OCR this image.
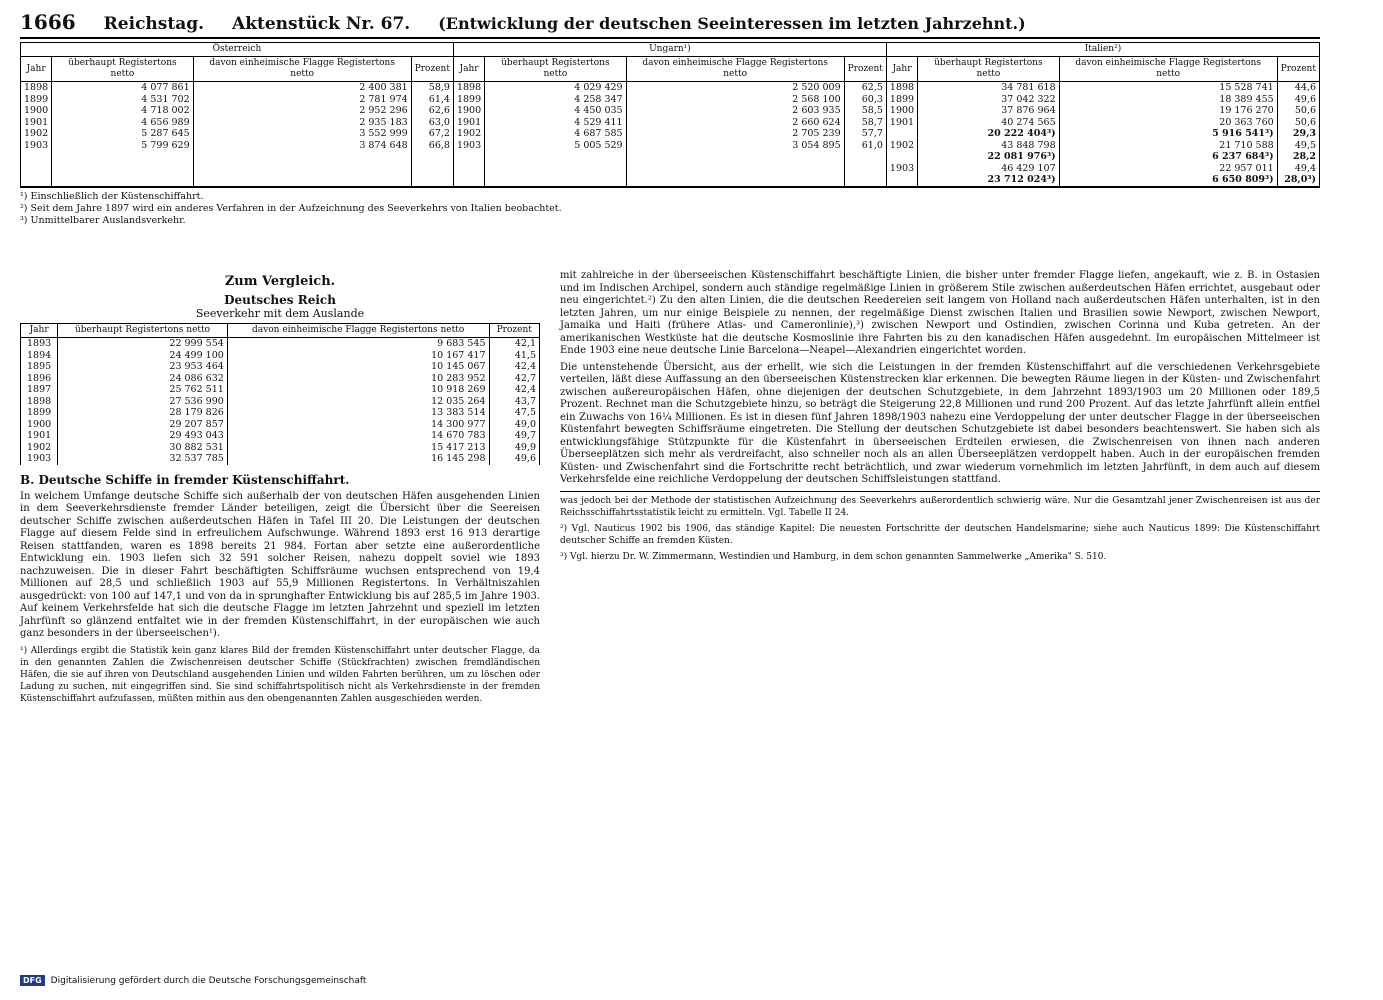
1666 Reichstag. Aktenstück Nr. 67. (Entwicklung der deutschen Seeinteressen im letzten Jahrzehnt.)
Österreich				Ungarn¹)				Italien²)			
Jahr	überhaupt Registertons netto	davon einheimische Flagge Registertons netto	Prozent	Jahr	überhaupt Registertons netto	davon einheimische Flagge Registertons netto	Prozent	Jahr	überhaupt Registertons netto	davon einheimische Flagge Registertons netto	Prozent
1898	4 077 861	2 400 381	58,9	1898	4 029 429	2 520 009	62,5	1898	34 781 618	15 528 741	44,6
1899	4 531 702	2 781 974	61,4	1899	4 258 347	2 568 100	60,3	1899	37 042 322	18 389 455	49,6
1900	4 718 002	2 952 296	62,6	1900	4 450 035	2 603 935	58,5	1900	37 876 964	19 176 270	50,6
1901	4 656 989	2 935 183	63,0	1901	4 529 411	2 660 624	58,7	1901	40 274 565	20 363 760	50,6
1902	5 287 645	3 552 999	67,2	1902	4 687 585	2 705 239	57,7		20 222 404³)	5 916 541³)	29,3
1903	5 799 629	3 874 648	66,8	1903	5 005 529	3 054 895	61,0	1902	43 848 798	21 710 588	49,5
									22 081 976³)	6 237 684³)	28,2
								1903	46 429 107	22 957 011	49,4
									23 712 024³)	6 650 809³)	28,0³)
¹) Einschließlich der Küstenschiffahrt.
²) Seit dem Jahre 1897 wird ein anderes Verfahren in der Aufzeichnung des Seeverkehrs von Italien beobachtet.
³) Unmittelbarer Auslandsverkehr.
Zum Vergleich.
Deutsches Reich
Seeverkehr mit dem Auslande
Jahr	überhaupt Registertons netto	davon einheimische Flagge Registertons netto	Prozent
1893	22 999 554	9 683 545	42,1
1894	24 499 100	10 167 417	41,5
1895	23 953 464	10 145 067	42,4
1896	24 086 632	10 283 952	42,7
1897	25 762 511	10 918 269	42,4
1898	27 536 990	12 035 264	43,7
1899	28 179 826	13 383 514	47,5
1900	29 207 857	14 300 977	49,0
1901	29 493 043	14 670 783	49,7
1902	30 882 531	15 417 213	49,9
1903	32 537 785	16 145 298	49,6
B. Deutsche Schiffe in fremder Küstenschiffahrt.

In welchem Umfange deutsche Schiffe sich außerhalb der von deutschen Häfen ausgehenden Linien in dem Seeverkehrsdienste fremder Länder beteiligen, zeigt die Übersicht über die Seereisen deutscher Schiffe zwischen außerdeutschen Häfen in Tafel III 20. Die Leistungen der deutschen Flagge auf diesem Felde sind in erfreulichem Aufschwunge. Während 1893 erst 16 913 derartige Reisen stattfanden, waren es 1898 bereits 21 984. Fortan aber setzte eine außerordentliche Entwicklung ein. 1903 liefen sich 32 591 solcher Reisen, nahezu doppelt soviel wie 1893 nachzuweisen. Die in dieser Fahrt beschäftigten Schiffsräume wuchsen entsprechend von 19,4 Millionen auf 28,5 und schließlich 1903 auf 55,9 Millionen Registertons. In Verhältniszahlen ausgedrückt: von 100 auf 147,1 und von da in sprunghafter Entwicklung bis auf 285,5 im Jahre 1903. Auf keinem Verkehrsfelde hat sich die deutsche Flagge im letzten Jahrzehnt und speziell im letzten Jahrfünft so glänzend entfaltet wie in der fremden Küstenschiffahrt, in der europäischen wie auch ganz besonders in der überseeischen¹).

¹) Allerdings ergibt die Statistik kein ganz klares Bild der fremden Küstenschiffahrt unter deutscher Flagge, da in den genannten Zahlen die Zwischenreisen deutscher Schiffe (Stückfrachten) zwischen fremdländischen Häfen, die sie auf ihren von Deutschland ausgehenden Linien und wilden Fahrten berühren, um zu löschen oder Ladung zu suchen, mit eingegriffen sind. Sie sind schiffahrtspolitisch nicht als Verkehrsdienste in der fremden Küstenschiffahrt aufzufassen, müßten mithin aus den obengenannten Zahlen ausgeschieden werden.

mit zahlreiche in der überseeischen Küstenschiffahrt beschäftigte Linien, die bisher unter fremder Flagge liefen, angekauft, wie z. B. in Ostasien und im Indischen Archipel, sondern auch ständige regelmäßige Linien in größerem Stile zwischen außerdeutschen Häfen errichtet, ausgebaut oder neu eingerichtet.²) Zu den alten Linien, die die deutschen Reedereien seit langem von Holland nach außerdeutschen Häfen unterhalten, ist in den letzten Jahren, um nur einige Beispiele zu nennen, der regelmäßige Dienst zwischen Italien und Brasilien sowie Newport, zwischen Newport, Jamaika und Haiti (frühere Atlas- und Cameronlinie),³) zwischen Newport und Ostindien, zwischen Corinna und Kuba getreten. An der amerikanischen Westküste hat die deutsche Kosmoslinie ihre Fahrten bis zu den kanadischen Häfen ausgedehnt. Im europäischen Mittelmeer ist Ende 1903 eine neue deutsche Linie Barcelona—Neapel—Alexandrien eingerichtet worden.

Die untenstehende Übersicht, aus der erhellt, wie sich die Leistungen in der fremden Küstenschiffahrt auf die verschiedenen Verkehrsgebiete verteilen, läßt diese Auffassung an den überseeischen Küstenstrecken klar erkennen. Die bewegten Räume liegen in der Küsten- und Zwischenfahrt zwischen außereuropäischen Häfen, ohne diejenigen der deutschen Schutzgebiete, in dem Jahrzehnt 1893/1903 um 20 Millionen oder 189,5 Prozent. Rechnet man die Schutzgebiete hinzu, so beträgt die Steigerung 22,8 Millionen und rund 200 Prozent. Auf das letzte Jahrfünft allein entfiel ein Zuwachs von 16¼ Millionen. Es ist in diesen fünf Jahren 1898/1903 nahezu eine Verdoppelung der unter deutscher Flagge in der überseeischen Küstenfahrt bewegten Schiffsräume eingetreten. Die Stellung der deutschen Schutzgebiete ist dabei besonders beachtenswert. Sie haben sich als entwicklungsfähige Stützpunkte für die Küstenfahrt in überseeischen Erdteilen erwiesen, die Zwischenreisen von ihnen nach anderen Überseeplätzen sich mehr als verdreifacht, also schneller noch als an allen Überseeplätzen verdoppelt haben. Auch in der europäischen fremden Küsten- und Zwischenfahrt sind die Fortschritte recht beträchtlich, und zwar wiederum vornehmlich im letzten Jahrfünft, in dem auch auf diesem Verkehrsfelde eine reichliche Verdoppelung der deutschen Schiffsleistungen stattfand.

was jedoch bei der Methode der statistischen Aufzeichnung des Seeverkehrs außerordentlich schwierig wäre. Nur die Gesamtzahl jener Zwischenreisen ist aus der Reichsschiffahrtsstatistik leicht zu ermitteln. Vgl. Tabelle II 24.

²) Vgl. Nauticus 1902 bis 1906, das ständige Kapitel: Die neuesten Fortschritte der deutschen Handelsmarine; siehe auch Nauticus 1899: Die Küstenschiffahrt deutscher Schiffe an fremden Küsten.

³) Vgl. hierzu Dr. W. Zimmermann, Westindien und Hamburg, in dem schon genannten Sammelwerke „Amerika" S. 510.

DFG	Digitalisierung gefördert durch die Deutsche Forschungsgemeinschaft
